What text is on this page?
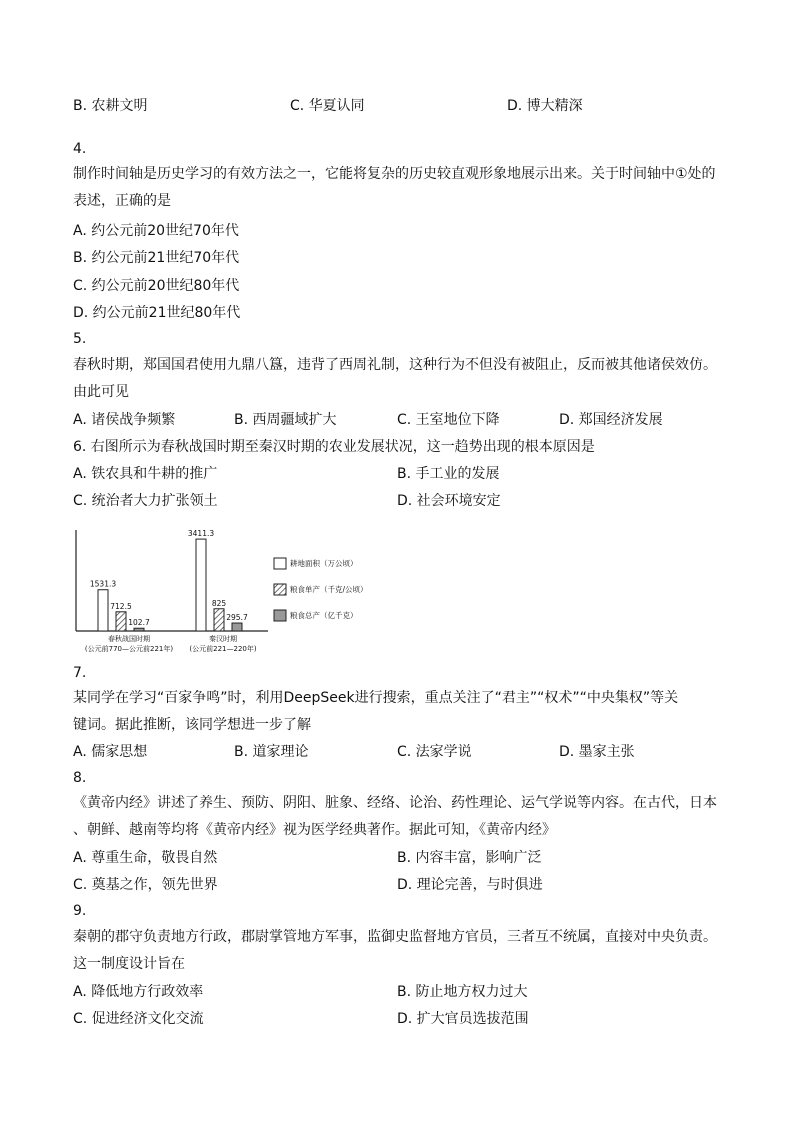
B. 农耕文明	C. 华夏认同	D. 博大精深
4.
制作时间轴是历史学习的有效方法之一，它能将复杂的历史较直观形象地展示出来。关于时间轴中①处的
表述，正确的是
A. 约公元前20世纪70年代
B. 约公元前21世纪70年代
C. 约公元前20世纪80年代
D. 约公元前21世纪80年代
5.
春秋时期，郑国国君使用九鼎八簋，违背了西周礼制，这种行为不但没有被阻止，反而被其他诸侯效仿。
由此可见
A. 诸侯战争频繁	B. 西周疆域扩大	C. 王室地位下降	D. 郑国经济发展
6. 右图所示为春秋战国时期至秦汉时期的农业发展状况，这一趋势出现的根本原因是
A. 铁农具和牛耕的推广	B. 手工业的发展
C. 统治者大力扩张领土	D. 社会环境安定
1531.3
712.5
102.7
春秋战国时期
(公元前770—公元前221年)
3411.3
825
295.7
秦汉时期
(公元前221—220年)
耕地面积（万公顷）
粮食单产（千克/公顷）
粮食总产（亿千克）
7.
某同学在学习“百家争鸣”时，利用DeepSeek进行搜索，重点关注了“君主”“权术”“中央集权”等关
键词。据此推断，该同学想进一步了解
A. 儒家思想	B. 道家理论	C. 法家学说	D. 墨家主张
8.
《黄帝内经》讲述了养生、预防、阴阳、脏象、经络、论治、药性理论、运气学说等内容。在古代，日本
、朝鲜、越南等均将《黄帝内经》视为医学经典著作。据此可知，《黄帝内经》
A. 尊重生命，敬畏自然	B. 内容丰富，影响广泛
C. 奠基之作，领先世界	D. 理论完善，与时俱进
9.
秦朝的郡守负责地方行政，郡尉掌管地方军事，监御史监督地方官员，三者互不统属，直接对中央负责。
这一制度设计旨在
A. 降低地方行政效率	B. 防止地方权力过大
C. 促进经济文化交流	D. 扩大官员选拔范围
